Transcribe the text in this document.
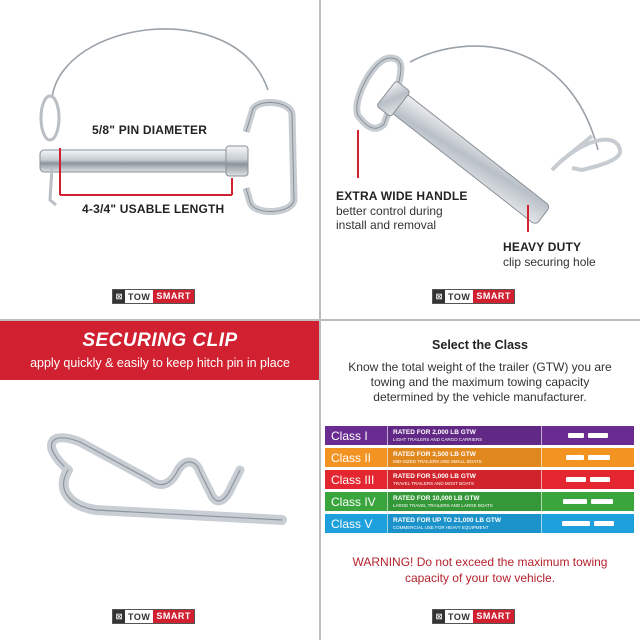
5/8" PIN DIAMETER
4-3/4" USABLE LENGTH
⊠ TOW SMART
EXTRA WIDE HANDLE
better control during
install and removal
HEAVY DUTY
clip securing hole
⊠ TOW SMART
SECURING CLIP
apply quickly & easily to keep hitch pin in place
⊠ TOW SMART
Select the Class
Know the total weight of the trailer (GTW) you are towing and the maximum towing capacity determined by the vehicle manufacturer.
Class I	RATED FOR 2,000 LB GTW
LIGHT TRAILERS AND CARGO CARRIERS
Class II	RATED FOR 3,500 LB GTW
MID-SIZED TRAILERS AND SMALL BOATS
Class III	RATED FOR 5,000 LB GTW
TRAVEL TRAILERS AND MOST BOATS
Class IV	RATED FOR 10,000 LB GTW
LARGE TRAVEL TRAILERS AND LARGE BOATS
Class V	RATED FOR UP TO 21,000 LB GTW
COMMERCIAL USE FOR HEAVY EQUIPMENT
WARNING! Do not exceed the maximum towing capacity of your tow vehicle.
⊠ TOW SMART
